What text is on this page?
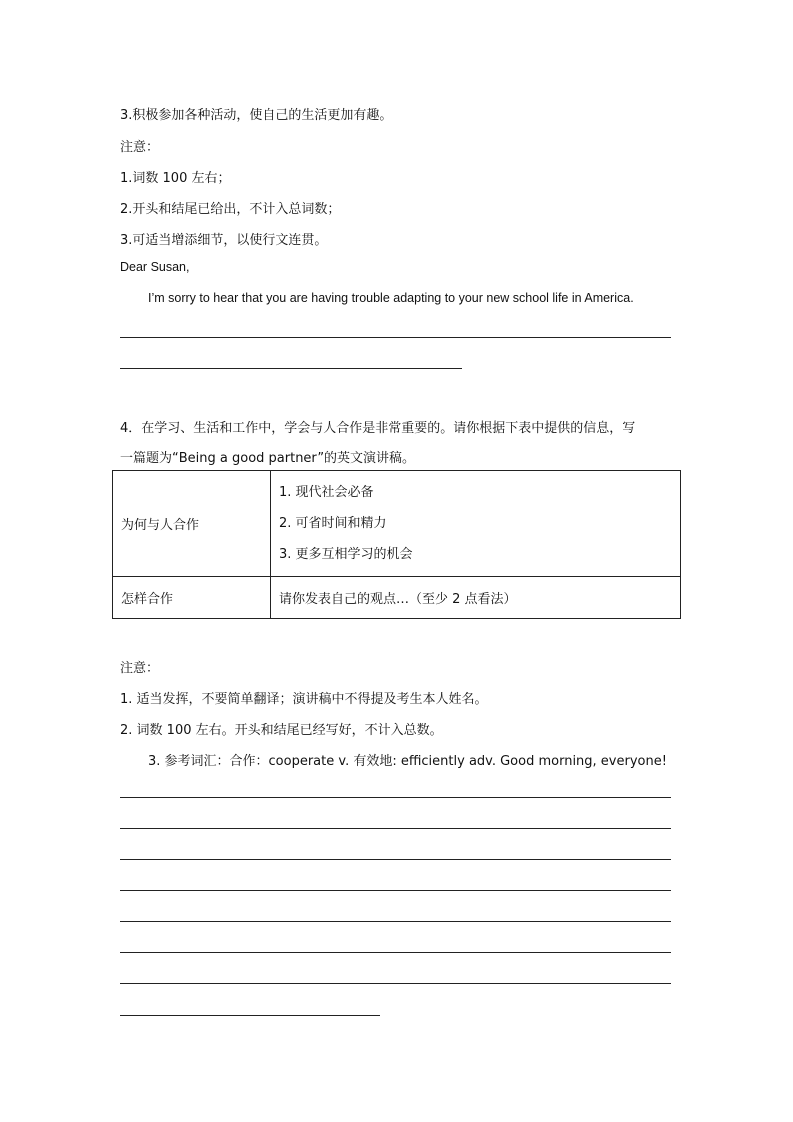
3.积极参加各种活动，使自己的生活更加有趣。
注意：
1.词数 100 左右；
2.开头和结尾已给出，不计入总词数；
3.可适当增添细节，以使行文连贯。
Dear Susan,
I’m sorry to hear that you are having trouble adapting to your new school life in America.
4．在学习、生活和工作中，学会与人合作是非常重要的。请你根据下表中提供的信息，写
一篇题为“Being a good partner”的英文演讲稿。
为何与人合作	1. 现代社会必备
2. 可省时间和精力
3. 更多互相学习的机会

怎样合作	请你发表自己的观点…（至少 2 点看法）
注意：
1. 适当发挥，不要简单翻译；演讲稿中不得提及考生本人姓名。
2. 词数 100 左右。开头和结尾已经写好，不计入总数。
3. 参考词汇：合作：cooperate v. 有效地: efficiently adv. Good morning, everyone!
